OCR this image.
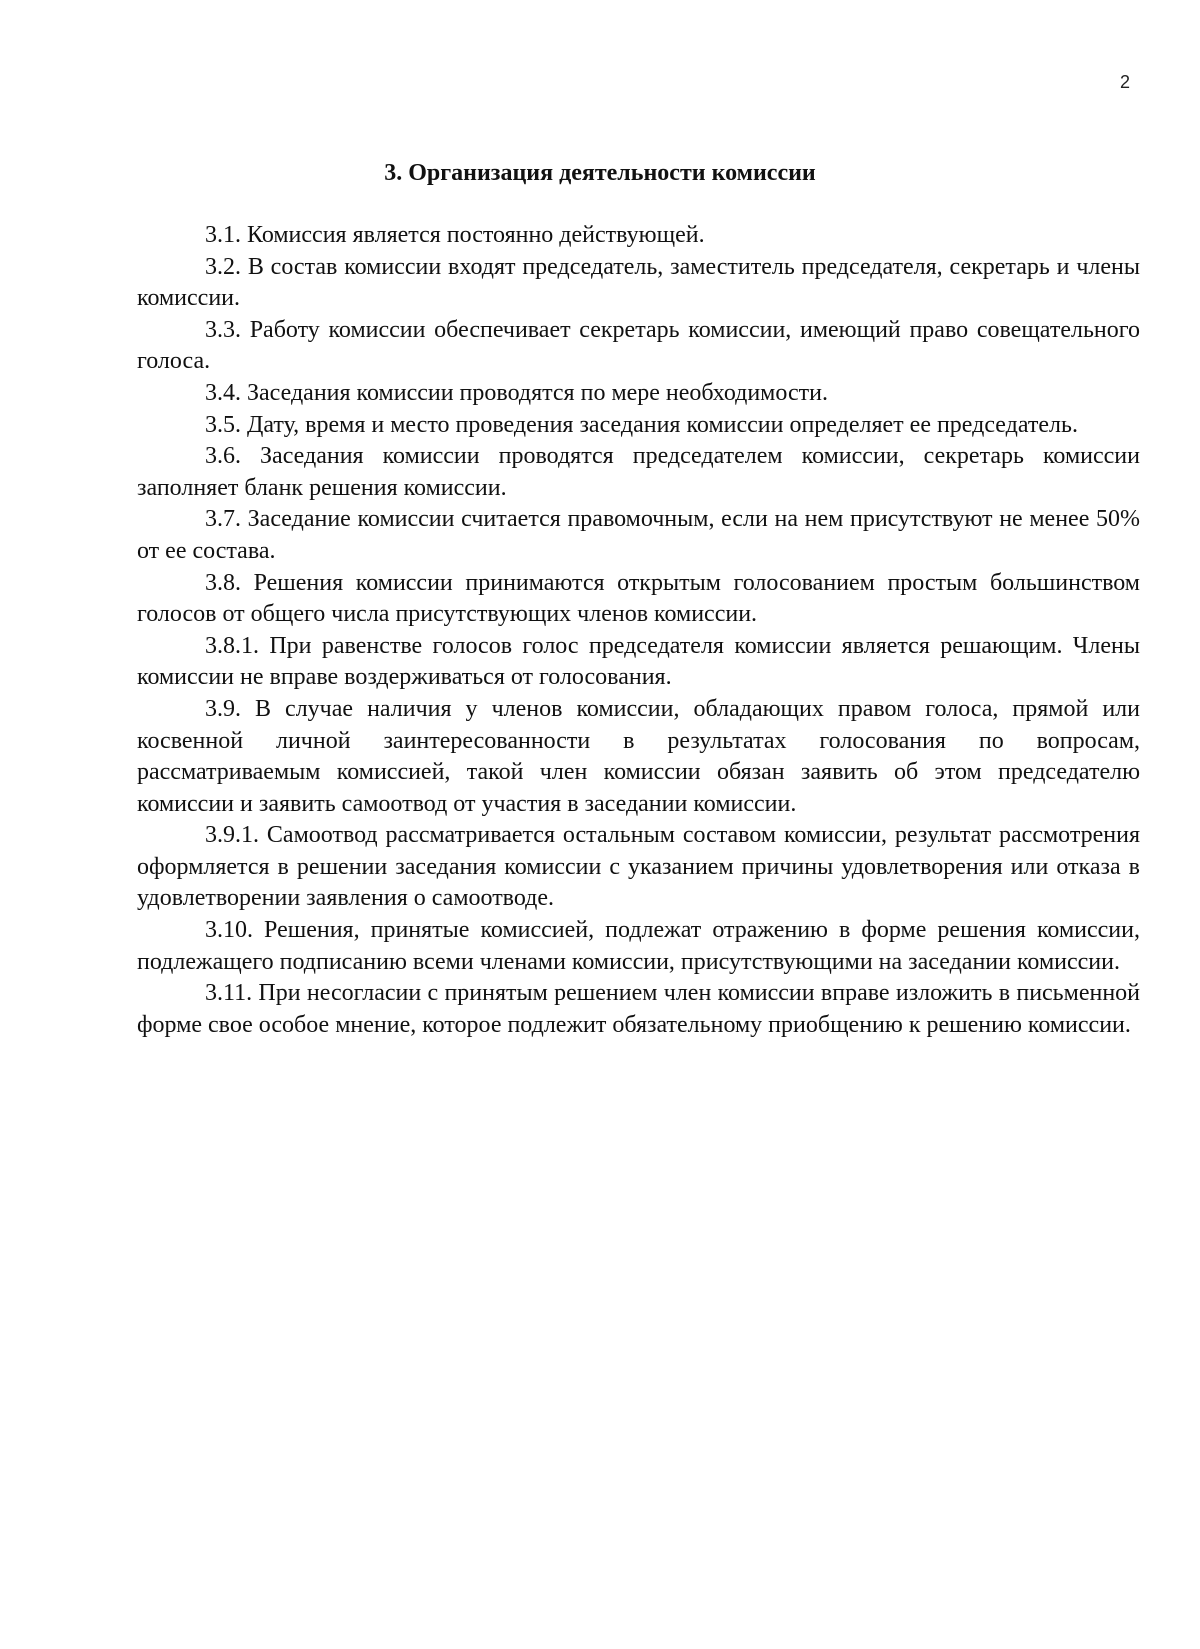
2
3. Организация деятельности комиссии

3.1. Комиссия является постоянно действующей.

3.2. В состав комиссии входят председатель, заместитель председателя, секретарь и члены комиссии.

3.3. Работу комиссии обеспечивает секретарь комиссии, имеющий право совещательного голоса.

3.4. Заседания комиссии проводятся по мере необходимости.

3.5. Дату, время и место проведения заседания комиссии определяет ее председатель.

3.6. Заседания комиссии проводятся председателем комиссии, секретарь комиссии заполняет бланк решения комиссии.

3.7. Заседание комиссии считается правомочным, если на нем присутствуют не менее 50% от ее состава.

3.8. Решения комиссии принимаются открытым голосованием простым большинством голосов от общего числа присутствующих членов комиссии.

3.8.1. При равенстве голосов голос председателя комиссии является решающим. Члены комиссии не вправе воздерживаться от голосования.

3.9. В случае наличия у членов комиссии, обладающих правом голоса, прямой или косвенной личной заинтересованности в результатах голосования по вопросам, рассматриваемым комиссией, такой член комиссии обязан заявить об этом председателю комиссии и заявить самоотвод от участия в заседании комиссии.

3.9.1. Самоотвод рассматривается остальным составом комиссии, результат рассмотрения оформляется в решении заседания комиссии с указанием причины удовлетворения или отказа в удовлетворении заявления о самоотводе.

3.10. Решения, принятые комиссией, подлежат отражению в форме решения комиссии, подлежащего подписанию всеми членами комиссии, присутствующими на заседании комиссии.

3.11. При несогласии с принятым решением член комиссии вправе изложить в письменной форме свое особое мнение, которое подлежит обязательному приобщению к решению комиссии.
